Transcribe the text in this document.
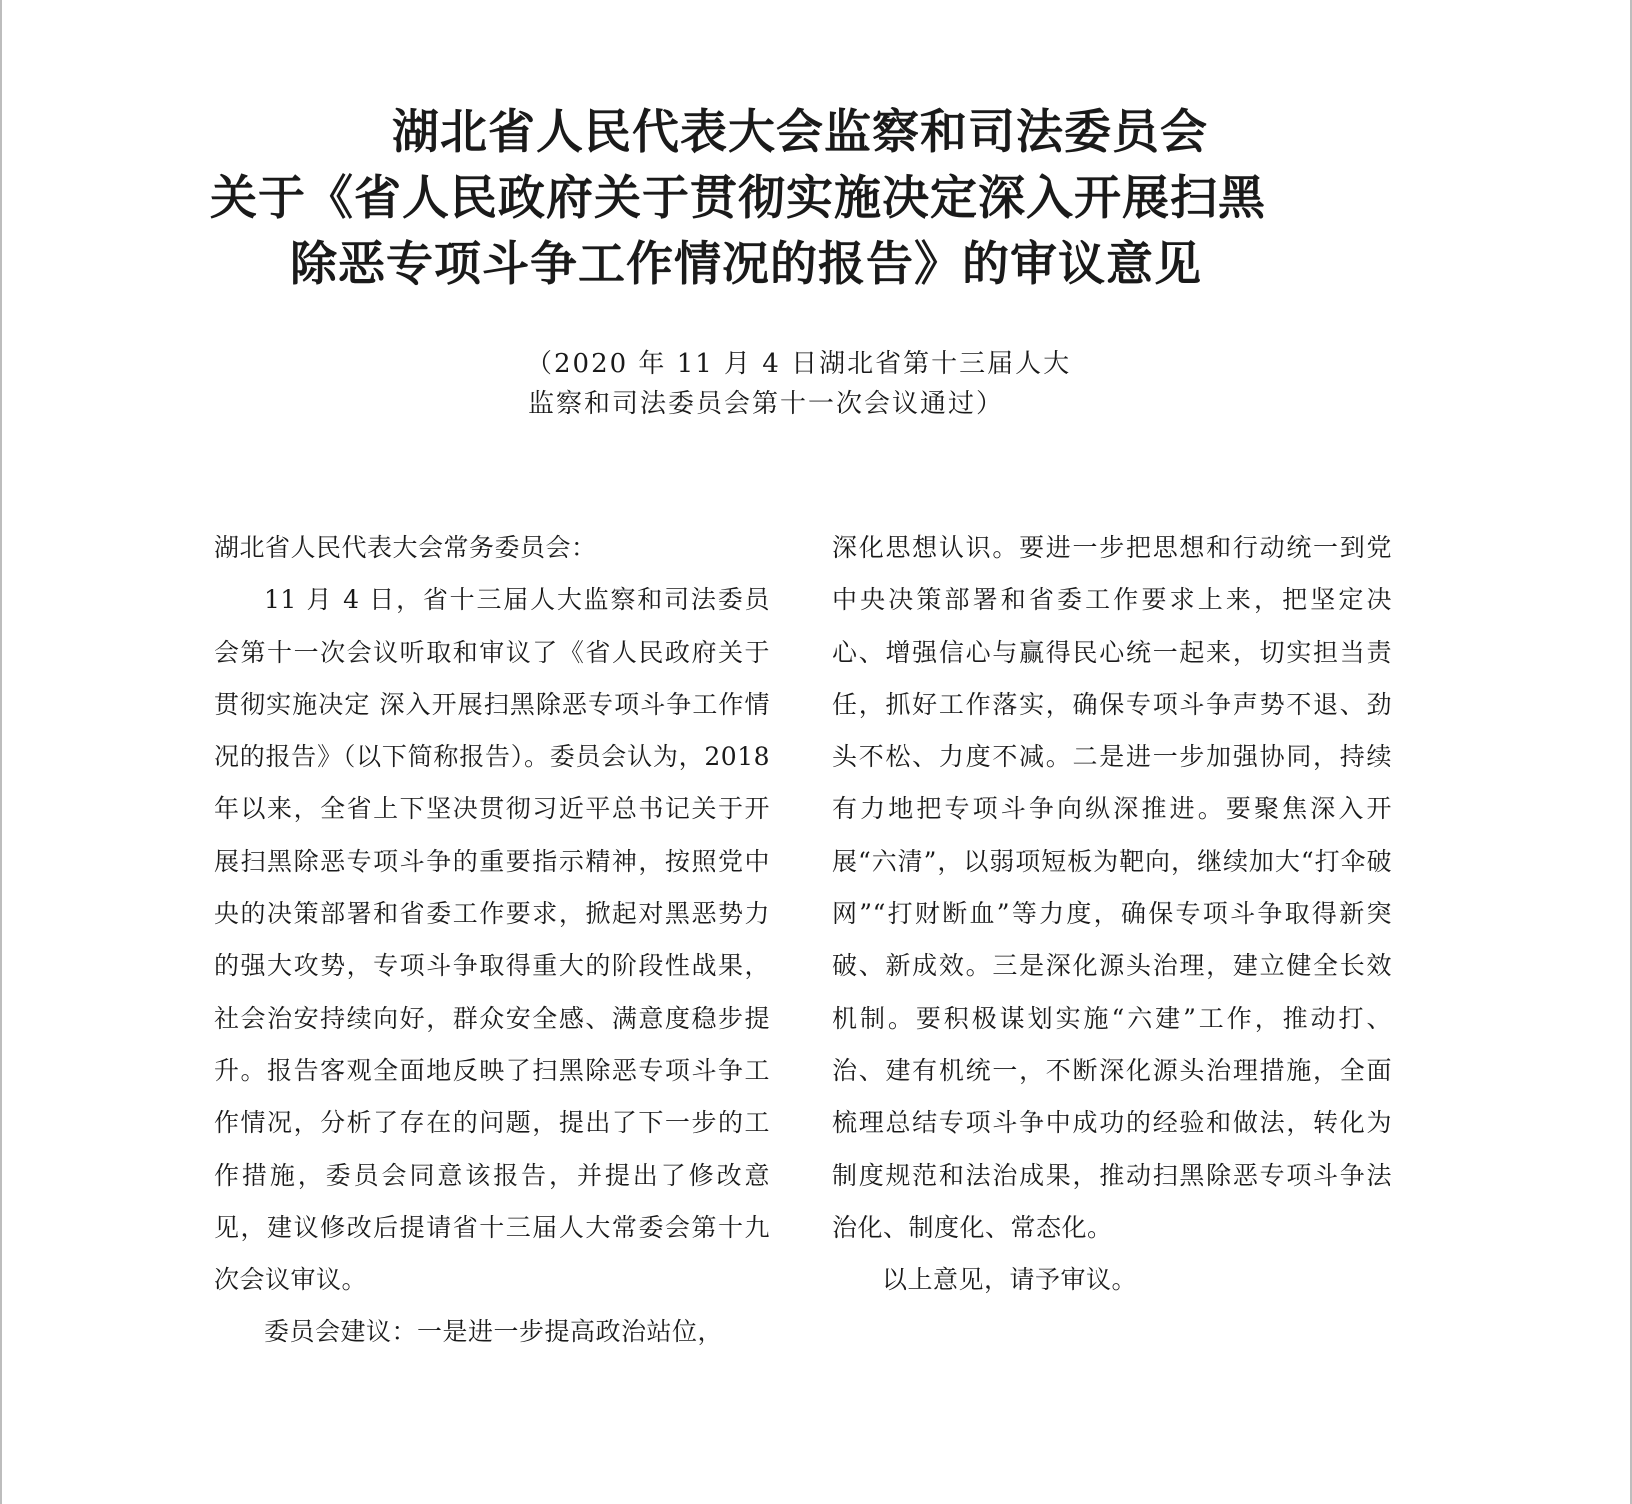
湖北省人民代表大会监察和司法委员会
关于《省人民政府关于贯彻实施决定深入开展扫黑
除恶专项斗争工作情况的报告》的审议意见
（2020 年 11 月 4 日湖北省第十三届人大
监察和司法委员会第十一次会议通过）

湖北省人民代表大会常务委员会：

11 月 4 日，省十三届人大监察和司法委员会第十一次会议听取和审议了《省人民政府关于贯彻实施决定 深入开展扫黑除恶专项斗争工作情况的报告》（以下简称报告）。委员会认为，2018 年以来，全省上下坚决贯彻习近平总书记关于开展扫黑除恶专项斗争的重要指示精神，按照党中央的决策部署和省委工作要求，掀起对黑恶势力的强大攻势，专项斗争取得重大的阶段性战果，社会治安持续向好，群众安全感、满意度稳步提升。报告客观全面地反映了扫黑除恶专项斗争工作情况，分析了存在的问题，提出了下一步的工作措施，委员会同意该报告，并提出了修改意见，建议修改后提请省十三届人大常委会第十九次会议审议。

委员会建议：一是进一步提高政治站位，

深化思想认识。要进一步把思想和行动统一到党中央决策部署和省委工作要求上来，把坚定决心、增强信心与赢得民心统一起来，切实担当责任，抓好工作落实，确保专项斗争声势不退、劲头不松、力度不减。二是进一步加强协同，持续有力地把专项斗争向纵深推进。要聚焦深入开展“六清”，以弱项短板为靶向，继续加大“打伞破网”“打财断血”等力度，确保专项斗争取得新突破、新成效。三是深化源头治理，建立健全长效机制。要积极谋划实施“六建”工作，推动打、治、建有机统一，不断深化源头治理措施，全面梳理总结专项斗争中成功的经验和做法，转化为制度规范和法治成果，推动扫黑除恶专项斗争法治化、制度化、常态化。

以上意见，请予审议。
